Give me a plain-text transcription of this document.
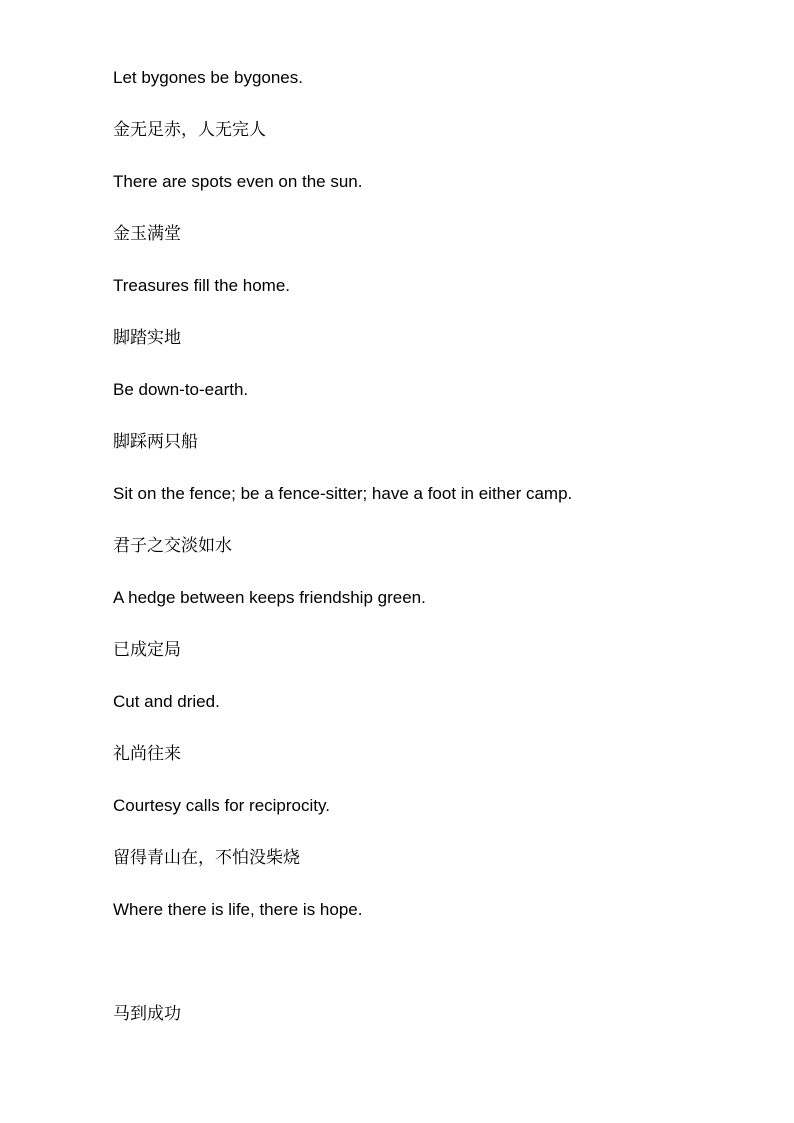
Let bygones be bygones.
金无足赤，人无完人
There are spots even on the sun.
金玉满堂
Treasures fill the home.
脚踏实地
Be down-to-earth.
脚踩两只船
Sit on the fence; be a fence-sitter; have a foot in either camp.
君子之交淡如水
A hedge between keeps friendship green.
已成定局
Cut and dried.
礼尚往来
Courtesy calls for reciprocity.
留得青山在，不怕没柴烧
Where there is life, there is hope.
马到成功
